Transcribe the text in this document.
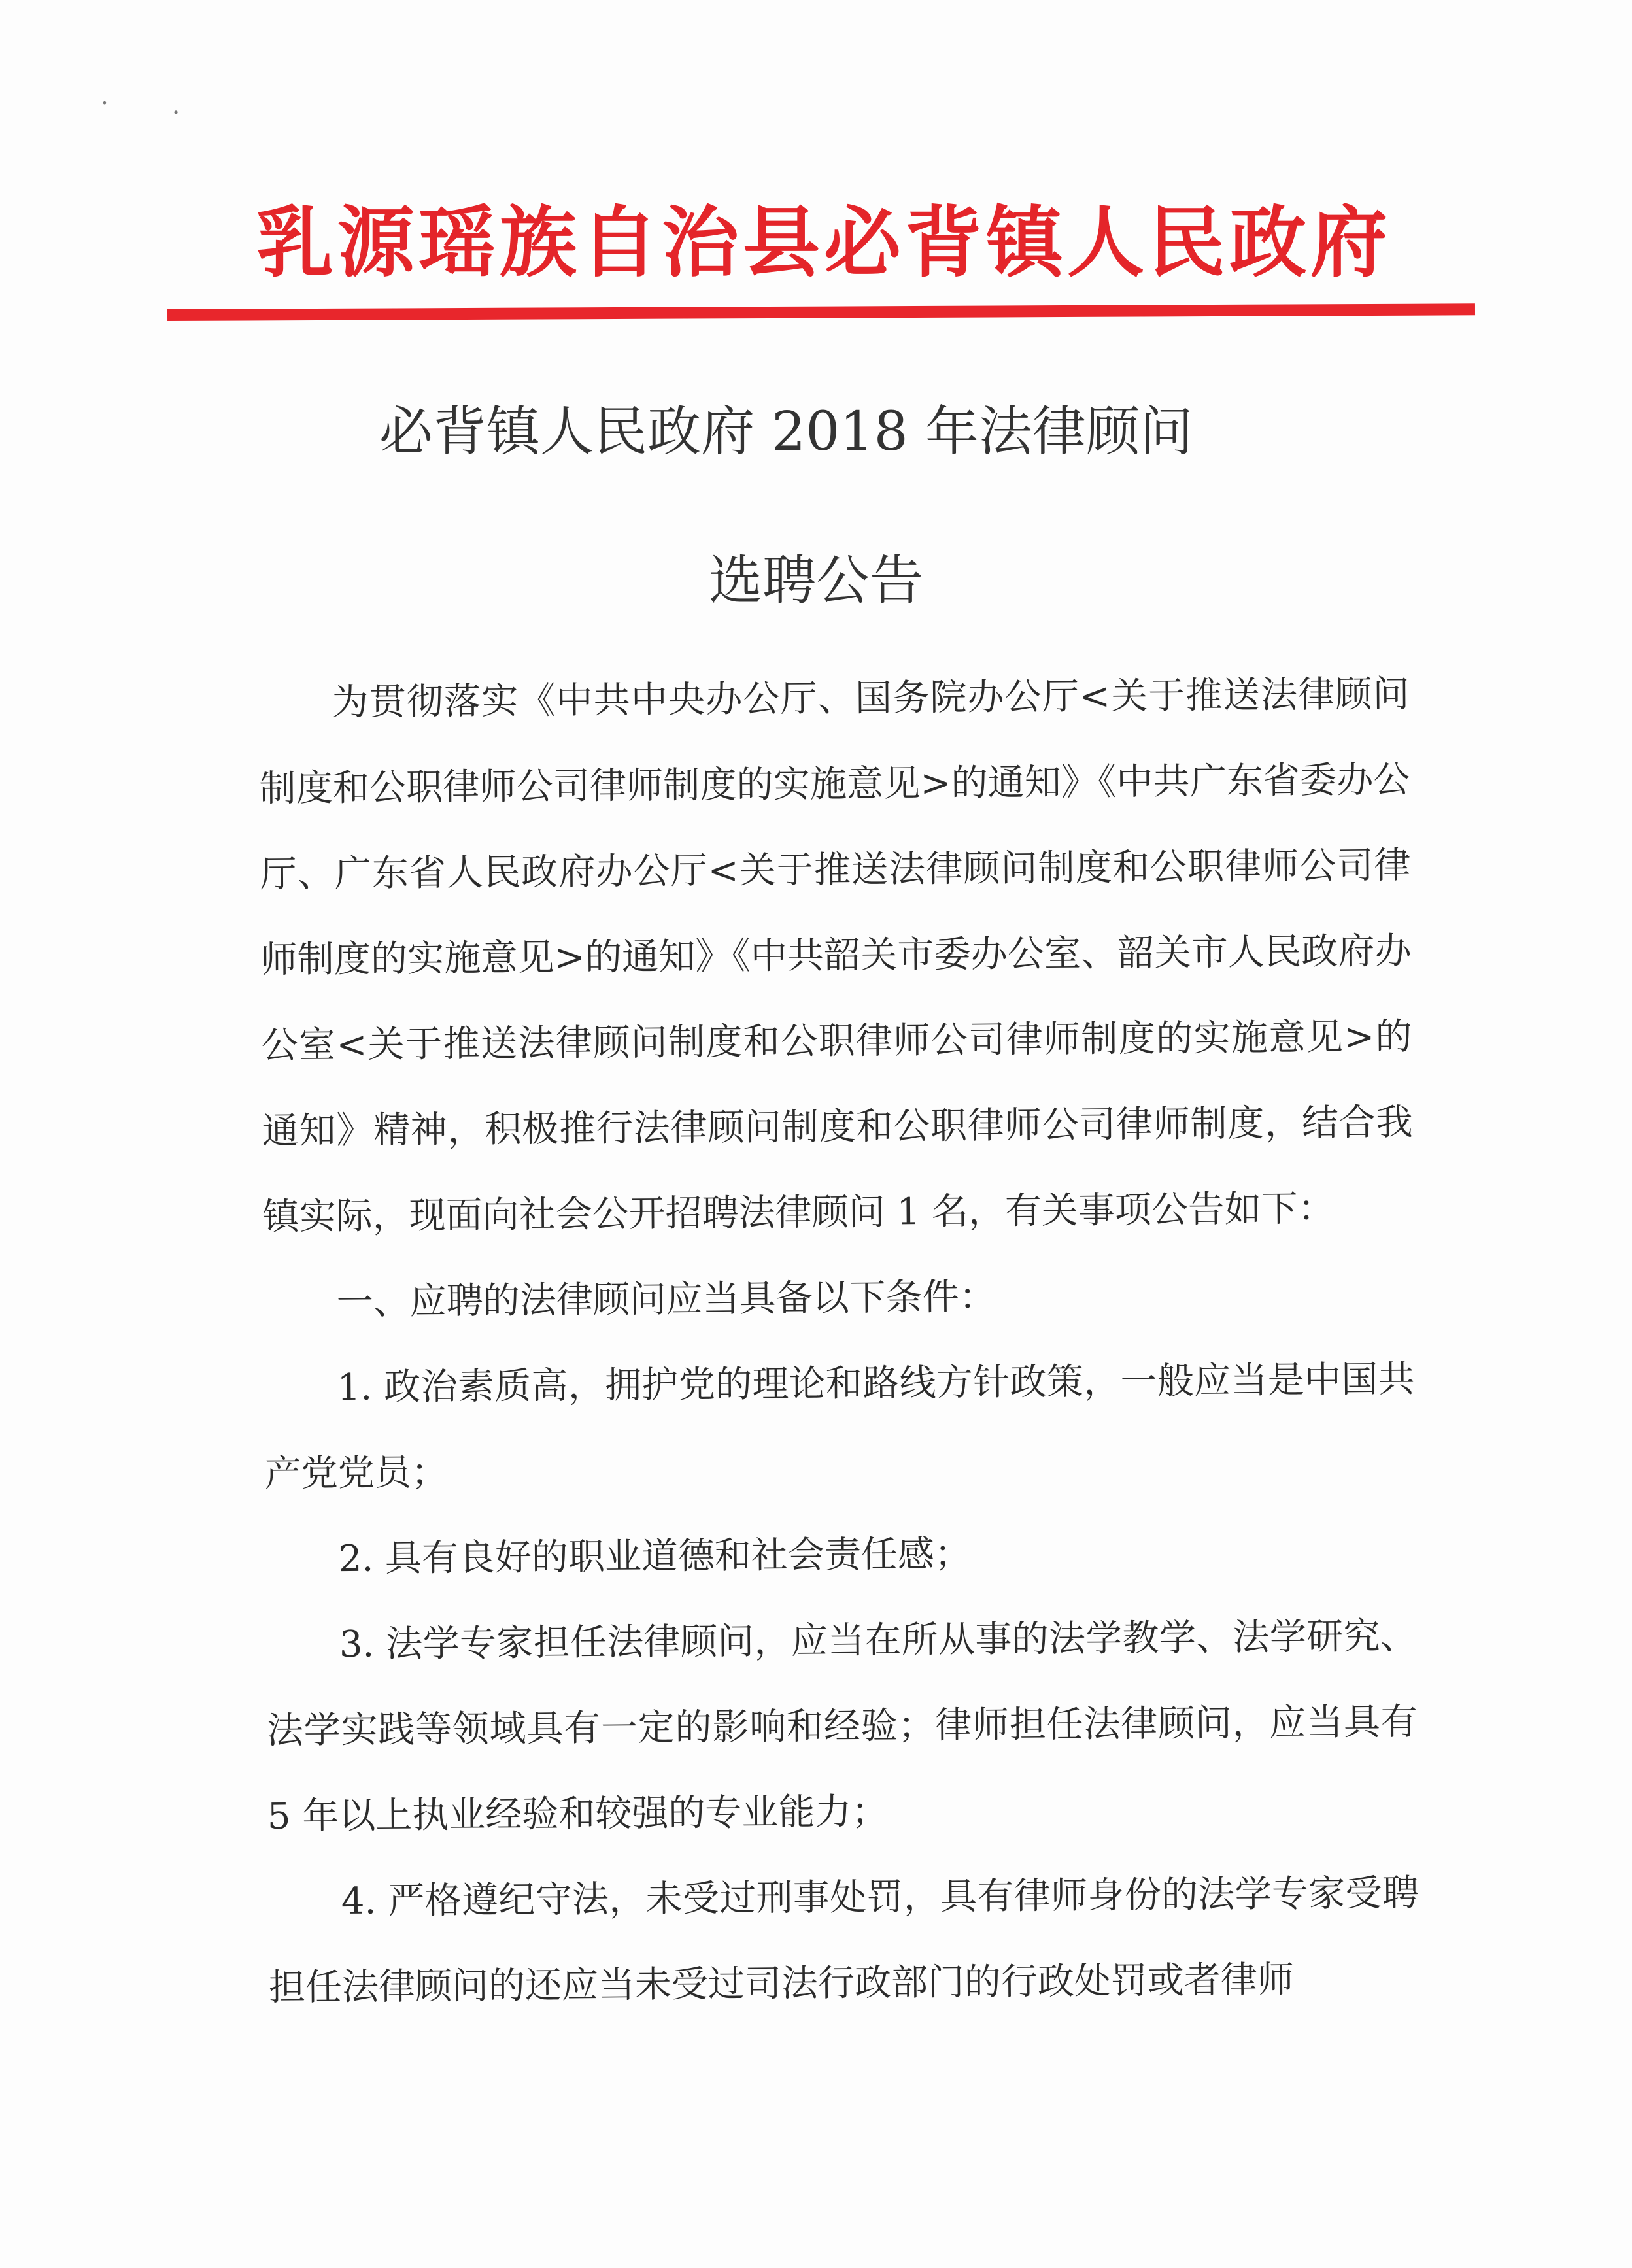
˙ ·
乳源瑶族自治县必背镇人民政府
必背镇人民政府 2018 年法律顾问
选聘公告

为贯彻落实《中共中央办公厅、国务院办公厅<关于推送法律顾问制度和公职律师公司律师制度的实施意见>的通知》《中共广东省委办公厅、广东省人民政府办公厅<关于推送法律顾问制度和公职律师公司律师制度的实施意见>的通知》《中共韶关市委办公室、韶关市人民政府办公室<关于推送法律顾问制度和公职律师公司律师制度的实施意见>的通知》精神，积极推行法律顾问制度和公职律师公司律师制度，结合我镇实际，现面向社会公开招聘法律顾问 1 名，有关事项公告如下：

一、应聘的法律顾问应当具备以下条件：

1. 政治素质高，拥护党的理论和路线方针政策，一般应当是中国共产党党员；

2. 具有良好的职业道德和社会责任感；

3. 法学专家担任法律顾问，应当在所从事的法学教学、法学研究、法学实践等领域具有一定的影响和经验；律师担任法律顾问，应当具有 5 年以上执业经验和较强的专业能力；

4. 严格遵纪守法，未受过刑事处罚，具有律师身份的法学专家受聘担任法律顾问的还应当未受过司法行政部门的行政处罚或者律师
